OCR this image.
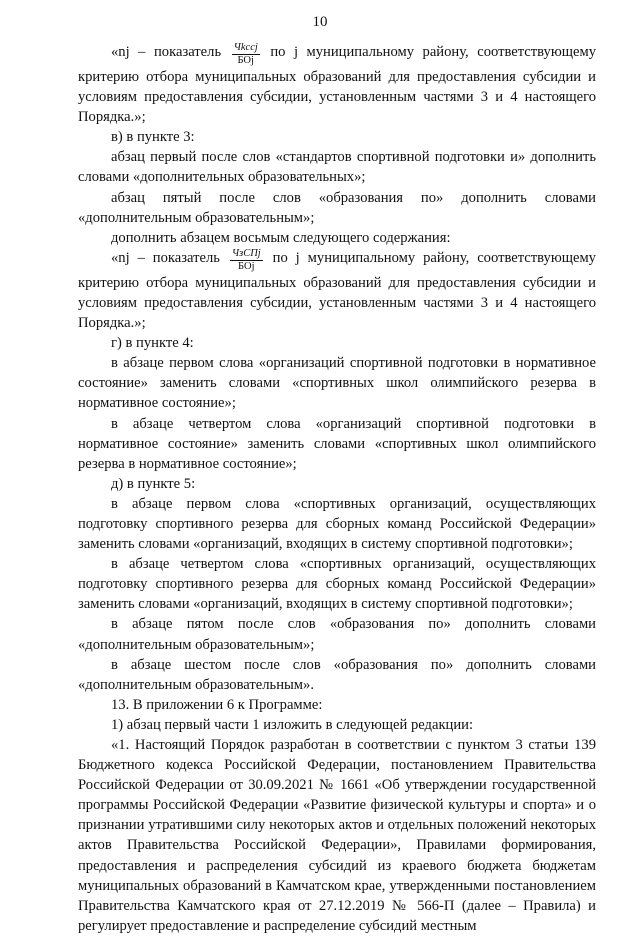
10

«nj – показатель $\frac{\text{Чkccj}}{\text{БОj}}$ по j муниципальному району, соответствующему критерию отбора муниципальных образований для предоставления субсидии и условиям предоставления субсидии, установленным частями 3 и 4 настоящего Порядка.»;

в) в пункте 3:

абзац первый после слов «стандартов спортивной подготовки и» дополнить словами «дополнительных образовательных»;

абзац пятый после слов «образования по» дополнить словами «дополнительным образовательным»;

дополнить абзацем восьмым следующего содержания:

«nj – показатель $\frac{\text{ЧзСПj}}{\text{БОj}}$ по j муниципальному району, соответствующему критерию отбора муниципальных образований для предоставления субсидии и условиям предоставления субсидии, установленным частями 3 и 4 настоящего Порядка.»;

г) в пункте 4:

в абзаце первом слова «организаций спортивной подготовки в нормативное состояние» заменить словами «спортивных школ олимпийского резерва в нормативное состояние»;

в абзаце четвертом слова «организаций спортивной подготовки в нормативное состояние» заменить словами «спортивных школ олимпийского резерва в нормативное состояние»;

д) в пункте 5:

в абзаце первом слова «спортивных организаций, осуществляющих подготовку спортивного резерва для сборных команд Российской Федерации» заменить словами «организаций, входящих в систему спортивной подготовки»;

в абзаце четвертом слова «спортивных организаций, осуществляющих подготовку спортивного резерва для сборных команд Российской Федерации» заменить словами «организаций, входящих в систему спортивной подготовки»;

в абзаце пятом после слов «образования по» дополнить словами «дополнительным образовательным»;

в абзаце шестом после слов «образования по» дополнить словами «дополнительным образовательным».

13. В приложении 6 к Программе:

1) абзац первый части 1 изложить в следующей редакции:

«1. Настоящий Порядок разработан в соответствии с пунктом 3 статьи 139 Бюджетного кодекса Российской Федерации, постановлением Правительства Российской Федерации от 30.09.2021 № 1661 «Об утверждении государственной программы Российской Федерации «Развитие физической культуры и спорта» и о признании утратившими силу некоторых актов и отдельных положений некоторых актов Правительства Российской Федерации», Правилами формирования, предоставления и распределения субсидий из краевого бюджета бюджетам муниципальных образований в Камчатском крае, утвержденными постановлением Правительства Камчатского края от 27.12.2019 № 566-П (далее – Правила) и регулирует предоставление и распределение субсидий местным
